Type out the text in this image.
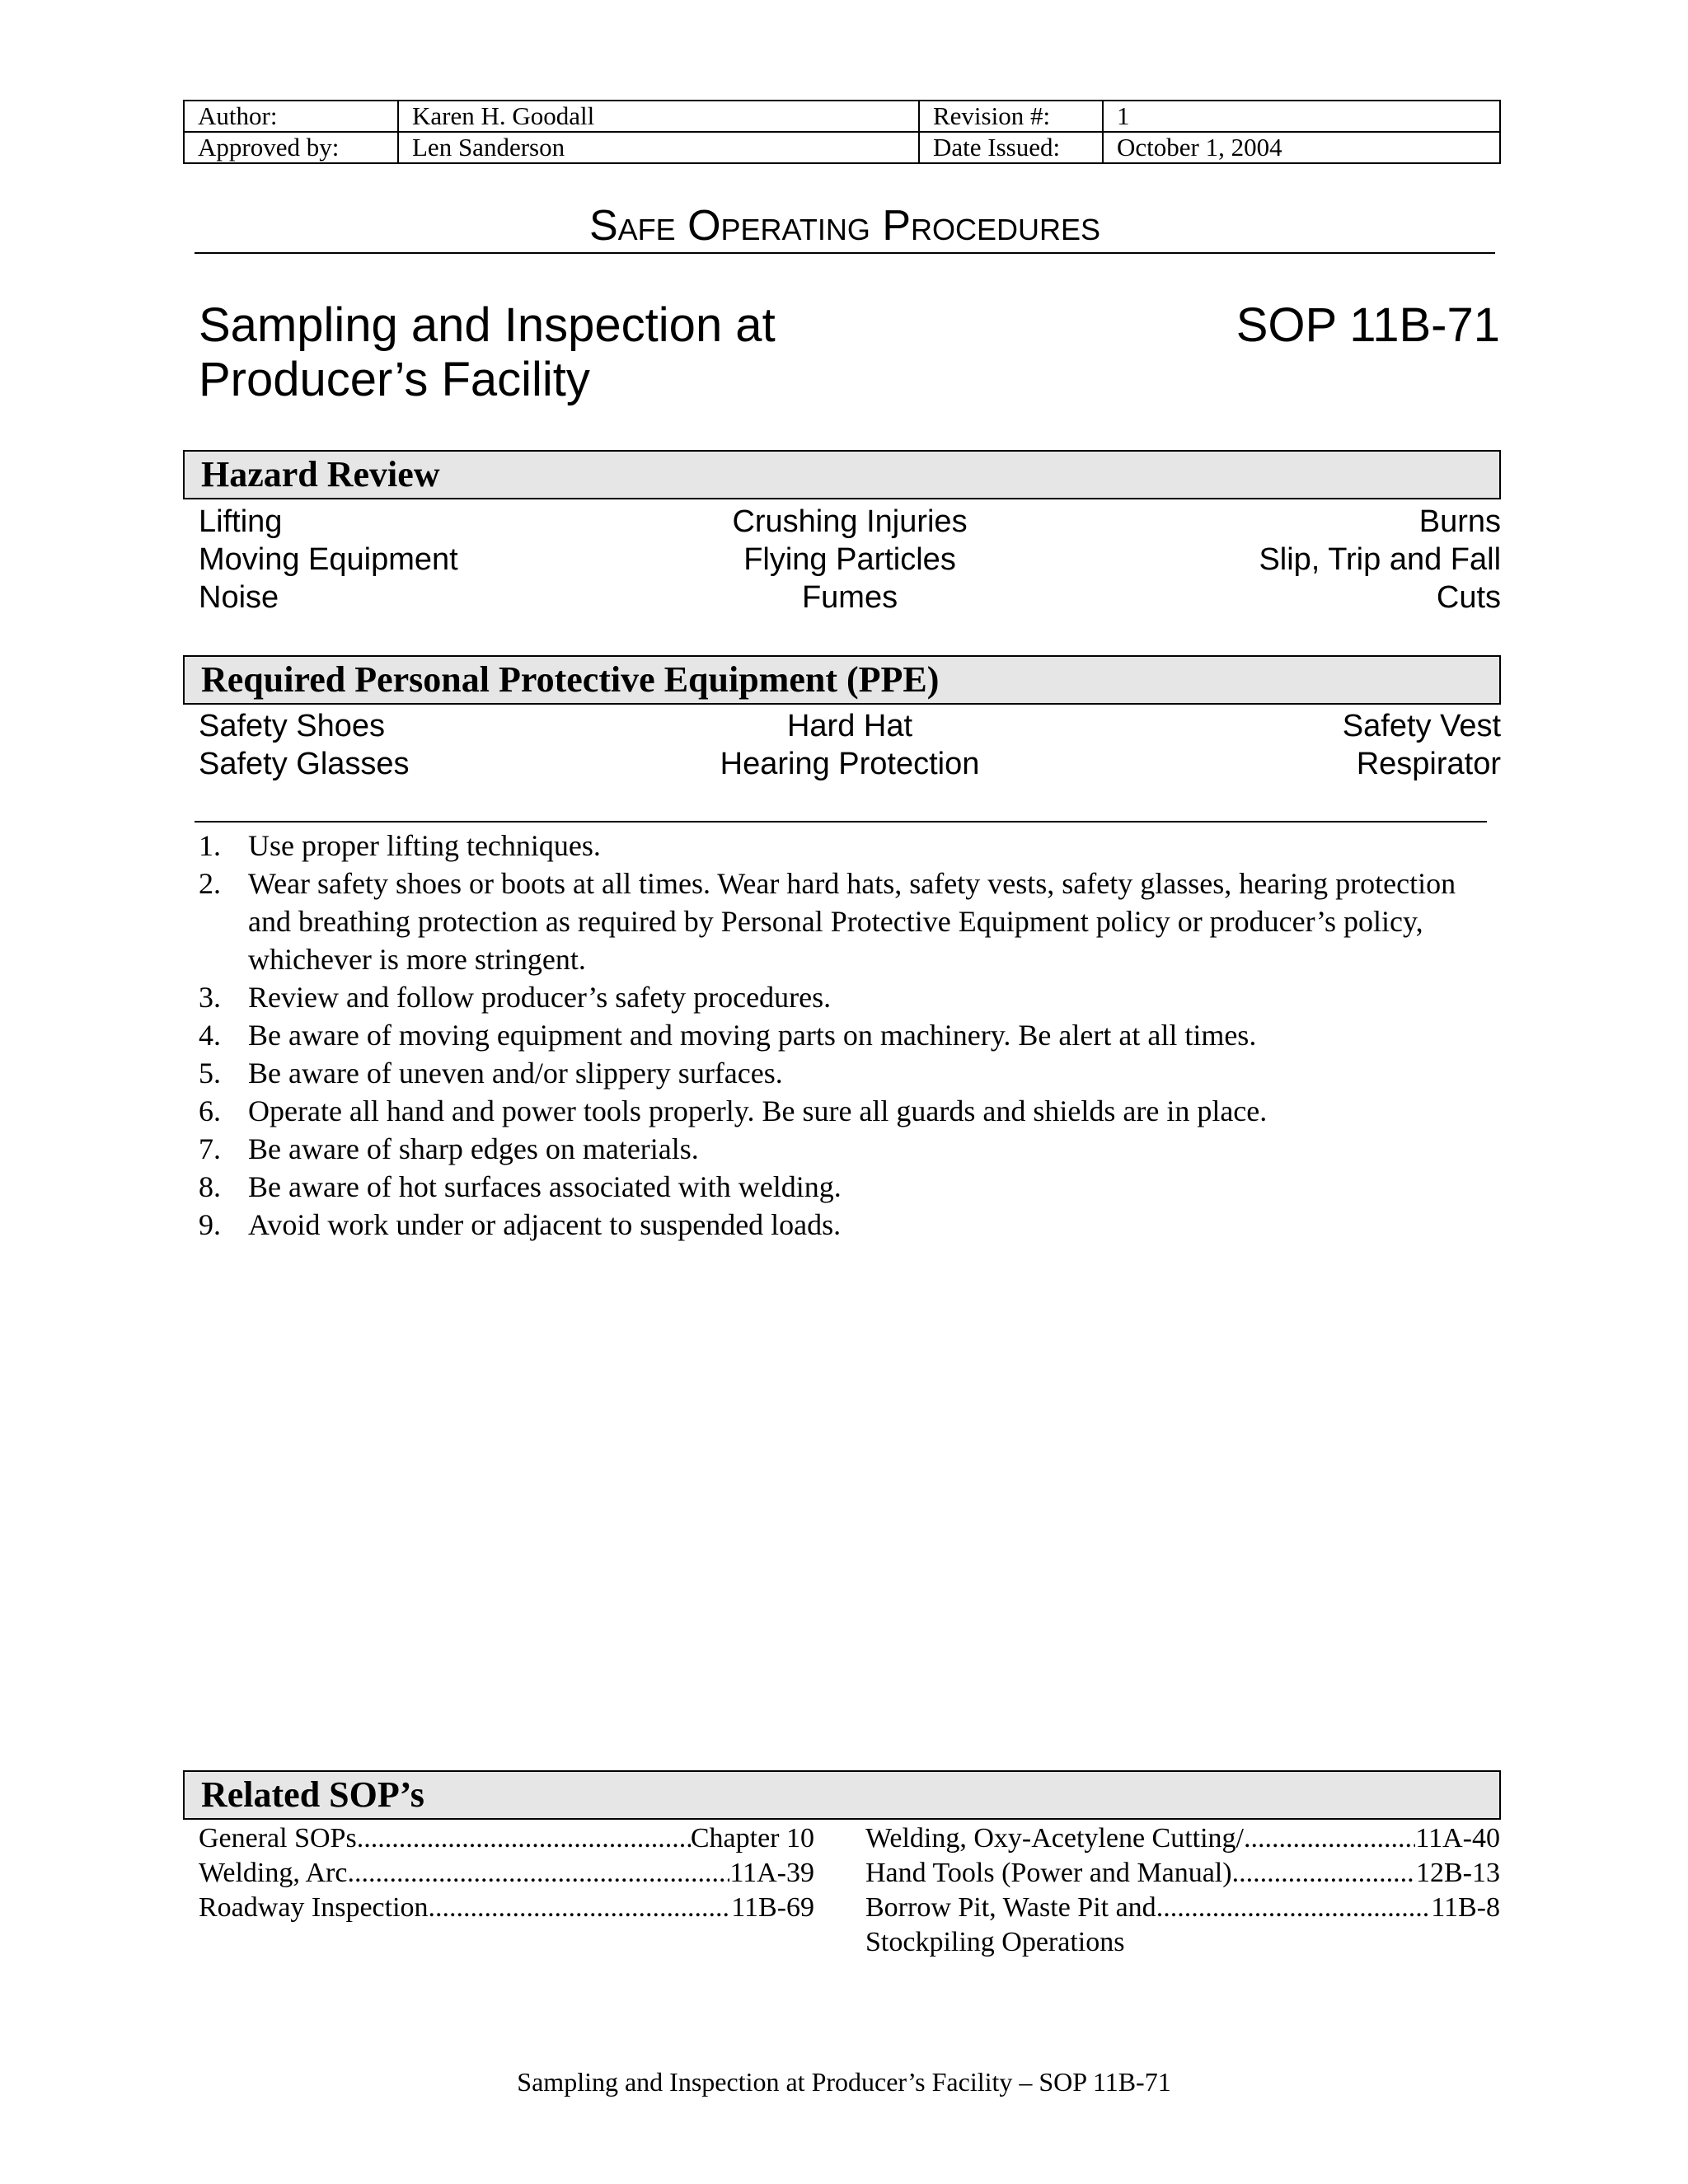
Author:	Karen H. Goodall	Revision #:	1
Approved by:	Len Sanderson	Date Issued:	October 1, 2004
Safe Operating Procedures
Sampling and Inspection at
Producer’s Facility
SOP 11B-71
Hazard Review
Lifting	Crushing Injuries	Burns
Moving Equipment	Flying Particles	Slip, Trip and Fall
Noise	Fumes	Cuts
Required Personal Protective Equipment (PPE)
Safety Shoes	Hard Hat	Safety Vest
Safety Glasses	Hearing Protection	Respirator
1. Use proper lifting techniques.
2. Wear safety shoes or boots at all times. Wear hard hats, safety vests, safety glasses, hearing protection and breathing protection as required by Personal Protective Equipment policy or producer’s policy, whichever is more stringent.
3. Review and follow producer’s safety procedures.
4. Be aware of moving equipment and moving parts on machinery. Be alert at all times.
5. Be aware of uneven and/or slippery surfaces.
6. Operate all hand and power tools properly. Be sure all guards and shields are in place.
7. Be aware of sharp edges on materials.
8. Be aware of hot surfaces associated with welding.
9. Avoid work under or adjacent to suspended loads.
Related SOP’s
General SOPs .....	Chapter 10
Welding, Arc .....	11A-39
Roadway Inspection .....	11B-69
Welding, Oxy-Acetylene Cutting/ .....	11A-40
Hand Tools (Power and Manual) .....	12B-13
Borrow Pit, Waste Pit and .....	11B-8
Stockpiling Operations
Sampling and Inspection at Producer’s Facility – SOP 11B-71
